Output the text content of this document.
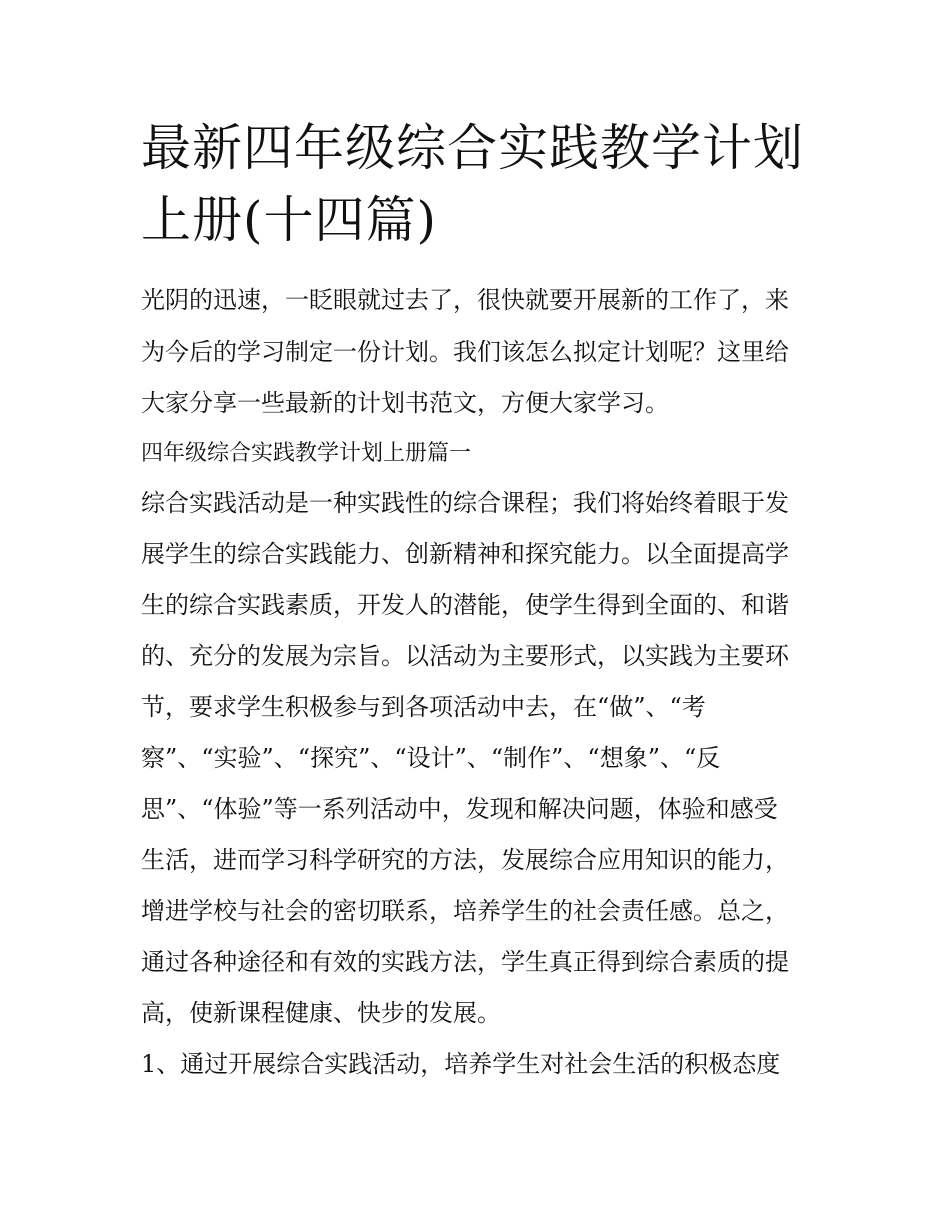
最新四年级综合实践教学计划
上册(十四篇)

光阴的迅速，一眨眼就过去了，很快就要开展新的工作了，来

为今后的学习制定一份计划。我们该怎么拟定计划呢？这里给

大家分享一些最新的计划书范文，方便大家学习。

四年级综合实践教学计划上册篇一

综合实践活动是一种实践性的综合课程；我们将始终着眼于发

展学生的综合实践能力、创新精神和探究能力。以全面提高学

生的综合实践素质，开发人的潜能，使学生得到全面的、和谐

的、充分的发展为宗旨。以活动为主要形式，以实践为主要环

节，要求学生积极参与到各项活动中去，在“做”、“考

察”、“实验”、“探究”、“设计”、“制作”、“想象”、“反

思”、“体验”等一系列活动中，发现和解决问题，体验和感受

生活，进而学习科学研究的方法，发展综合应用知识的能力，

增进学校与社会的密切联系，培养学生的社会责任感。总之，

通过各种途径和有效的实践方法，学生真正得到综合素质的提

高，使新课程健康、快步的发展。

1、通过开展综合实践活动，培养学生对社会生活的积极态度
